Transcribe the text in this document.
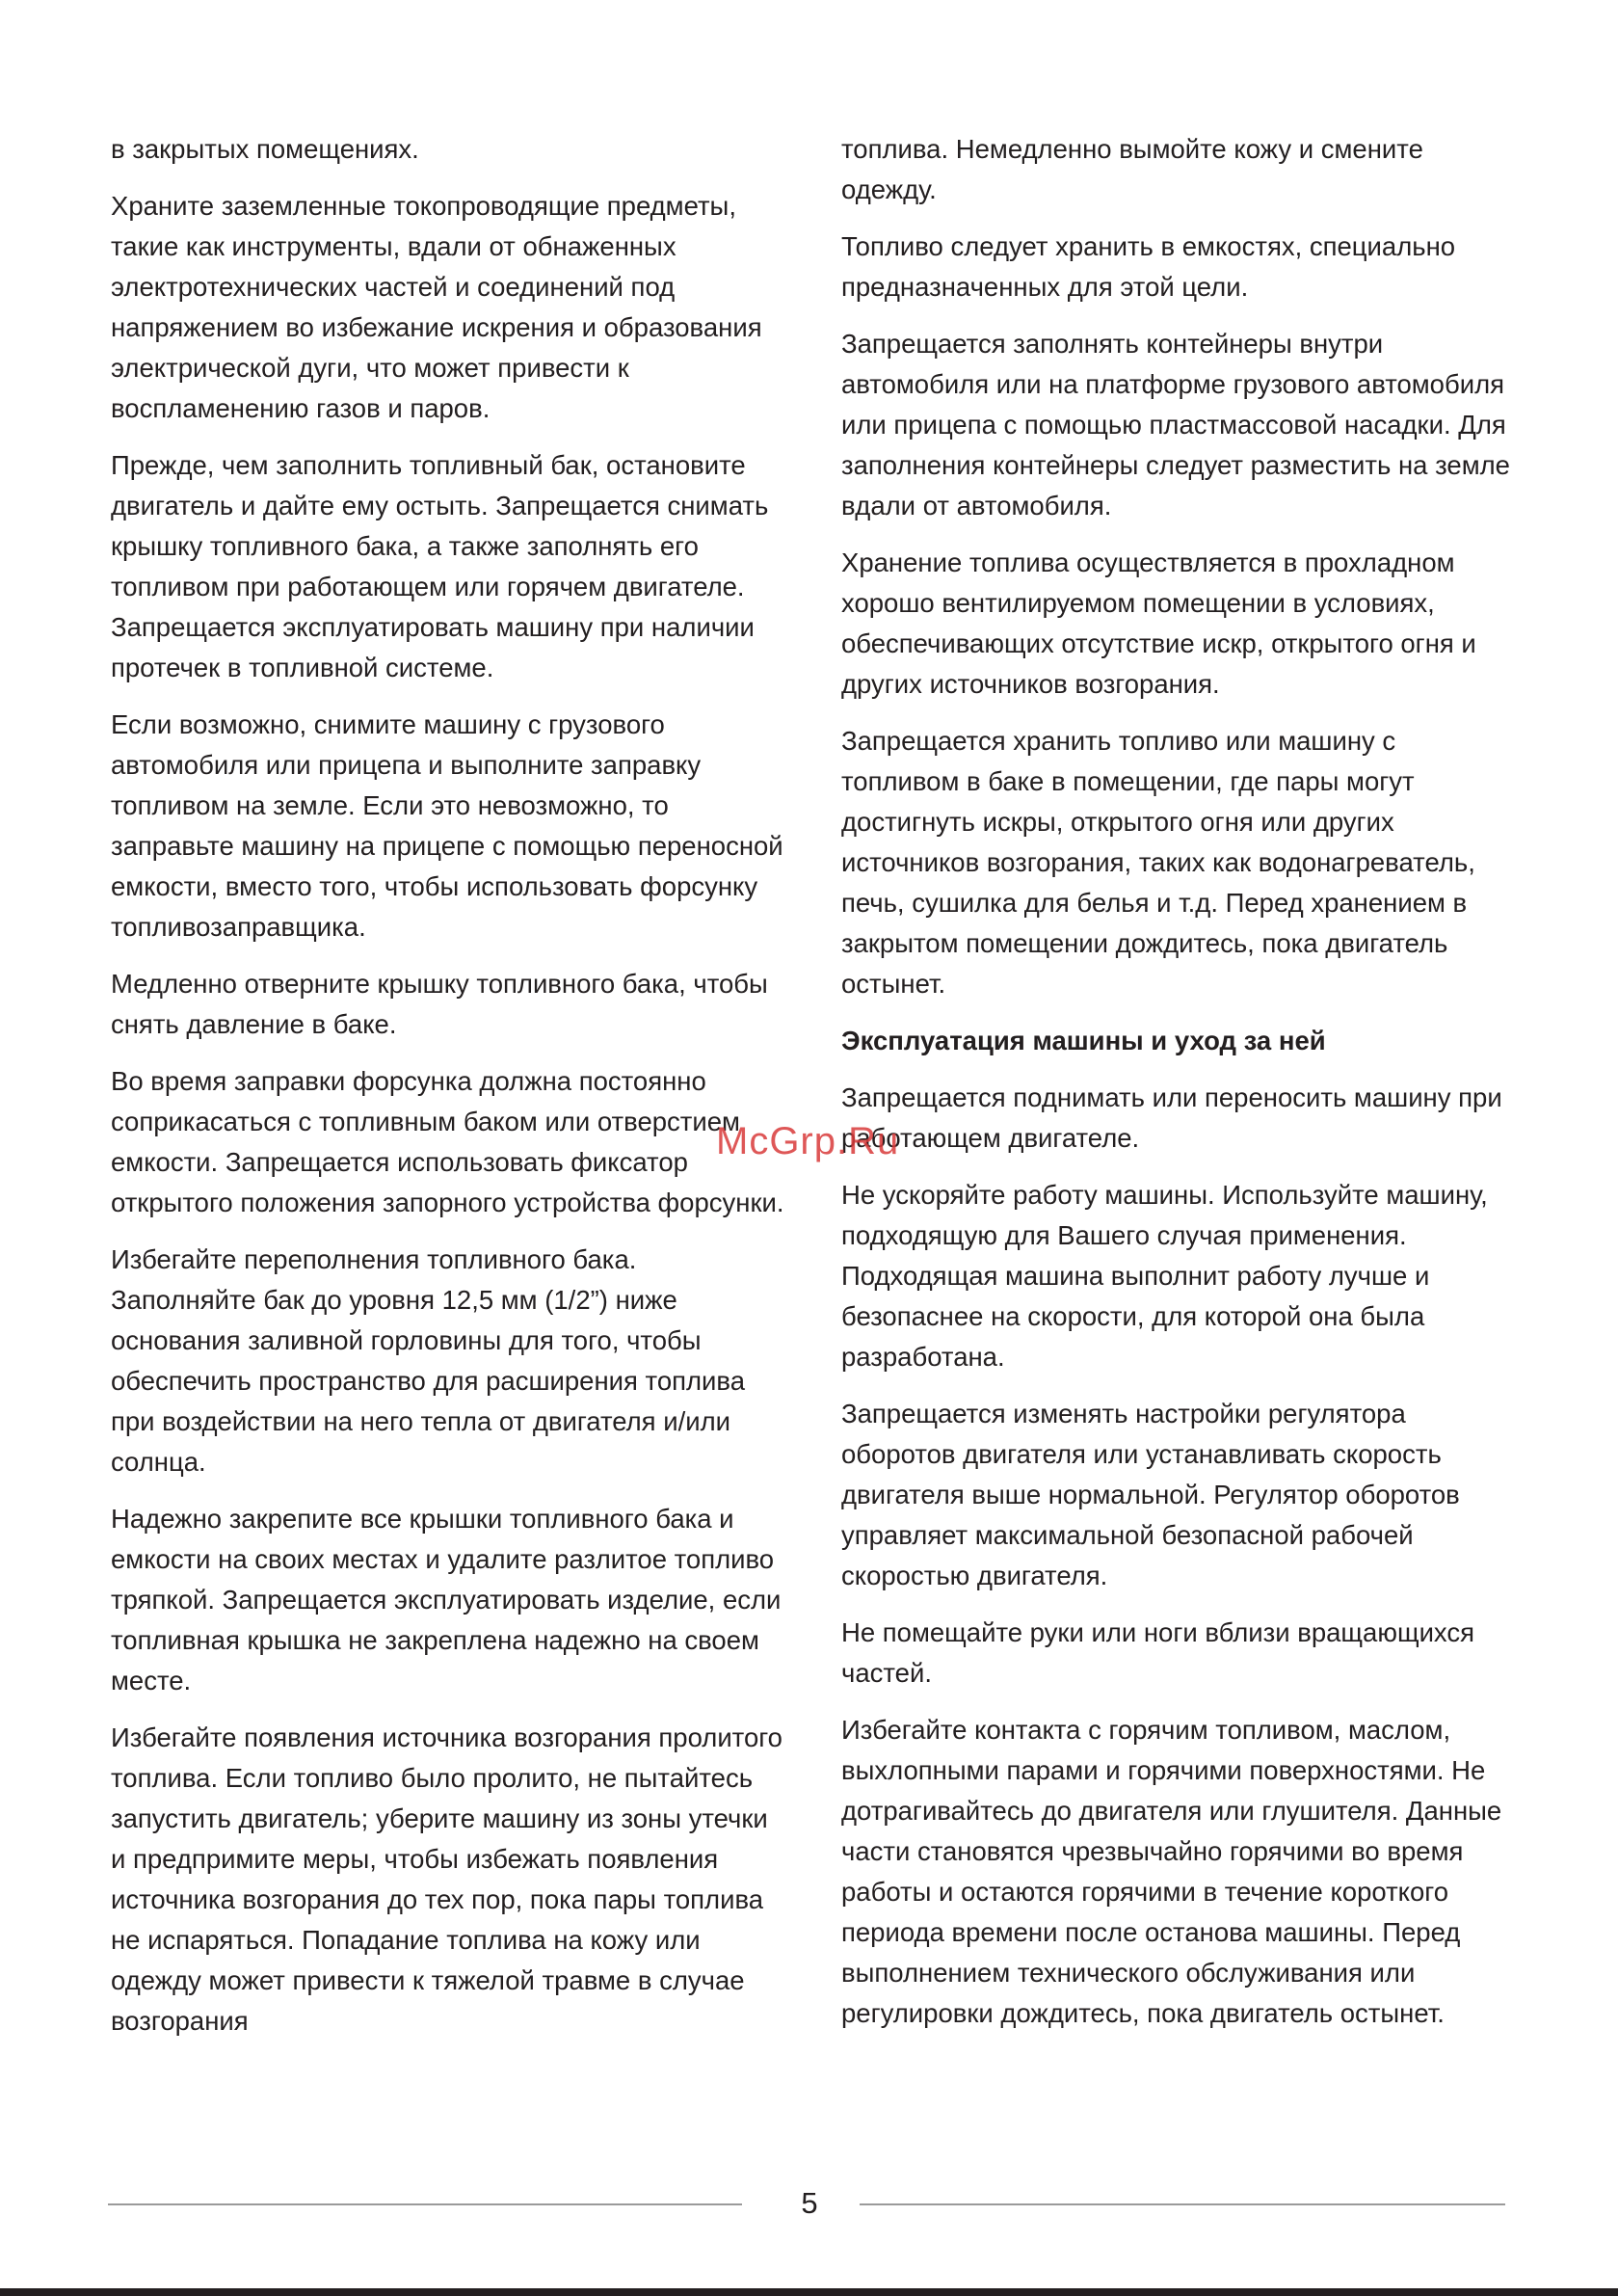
в закрытых помещениях.

Храните заземленные токопроводящие предметы, такие как инструменты, вдали от обнаженных электротехнических частей и соединений под напряжением во избежание искрения и образования электрической дуги, что может привести к воспламенению газов и паров.

Прежде, чем заполнить топливный бак, остановите двигатель и дайте ему остыть. Запрещается снимать крышку топливного бака, а также заполнять его топливом при работающем или горячем двигателе. Запрещается эксплуатировать машину при наличии протечек в топливной системе.

Если возможно, снимите машину с грузового автомобиля или прицепа и выполните заправку топливом на земле. Если это невозможно, то заправьте машину на прицепе с помощью переносной емкости, вместо того, чтобы использовать форсунку топливозаправщика.

Медленно отверните крышку топливного бака, чтобы снять давление в баке.

Во время заправки форсунка должна постоянно соприкасаться с топливным баком или отверстием емкости. Запрещается использовать фиксатор открытого положения запорного устройства форсунки.

Избегайте переполнения топливного бака. Заполняйте бак до уровня 12,5 мм (1/2”) ниже основания заливной горловины для того, чтобы обеспечить пространство для расширения топлива при воздействии на него тепла от двигателя и/или солнца.

Надежно закрепите все крышки топливного бака и емкости на своих местах и удалите разлитое топливо тряпкой. Запрещается эксплуатировать изделие, если топливная крышка не закреплена надежно на своем месте.

Избегайте появления источника возгорания пролитого топлива. Если топливо было пролито, не пытайтесь запустить двигатель; уберите машину из зоны утечки и предпримите меры, чтобы избежать появления источника возгорания до тех пор, пока пары топлива не испаряться. Попадание топлива на кожу или одежду может привести к тяжелой травме в случае возгорания

топлива. Немедленно вымойте кожу и смените одежду.

Топливо следует хранить в емкостях, специально предназначенных для этой цели.

Запрещается заполнять контейнеры внутри автомобиля или на платформе грузового автомобиля или прицепа с помощью пластмассовой насадки. Для заполнения контейнеры следует разместить на земле вдали от автомобиля.

Хранение топлива осуществляется в прохладном хорошо вентилируемом помещении в условиях, обеспечивающих отсутствие искр, открытого огня и других источников возгорания.

Запрещается хранить топливо или машину с топливом в баке в помещении, где пары могут достигнуть искры, открытого огня или других источников возгорания, таких как водонагреватель, печь, сушилка для белья и т.д. Перед хранением в закрытом помещении дождитесь, пока двигатель остынет.

Эксплуатация машины и уход за ней

Запрещается поднимать или переносить машину при работающем двигателе.

Не ускоряйте работу машины. Используйте машину, подходящую для Вашего случая применения. Подходящая машина выполнит работу лучше и безопаснее на скорости, для которой она была разработана.

Запрещается изменять настройки регулятора оборотов двигателя или устанавливать скорость двигателя выше нормальной. Регулятор оборотов управляет максимальной безопасной рабочей скоростью двигателя.

Не помещайте руки или ноги вблизи вращающихся частей.

Избегайте контакта с горячим топливом, маслом, выхлопными парами и горячими поверхностями. Не дотрагивайтесь до двигателя или глушителя. Данные части становятся чрезвычайно горячими во время работы и остаются горячими в течение короткого периода времени после останова машины. Перед выполнением технического обслуживания или регулировки дождитесь, пока двигатель остынет.

McGrp.Ru
5
